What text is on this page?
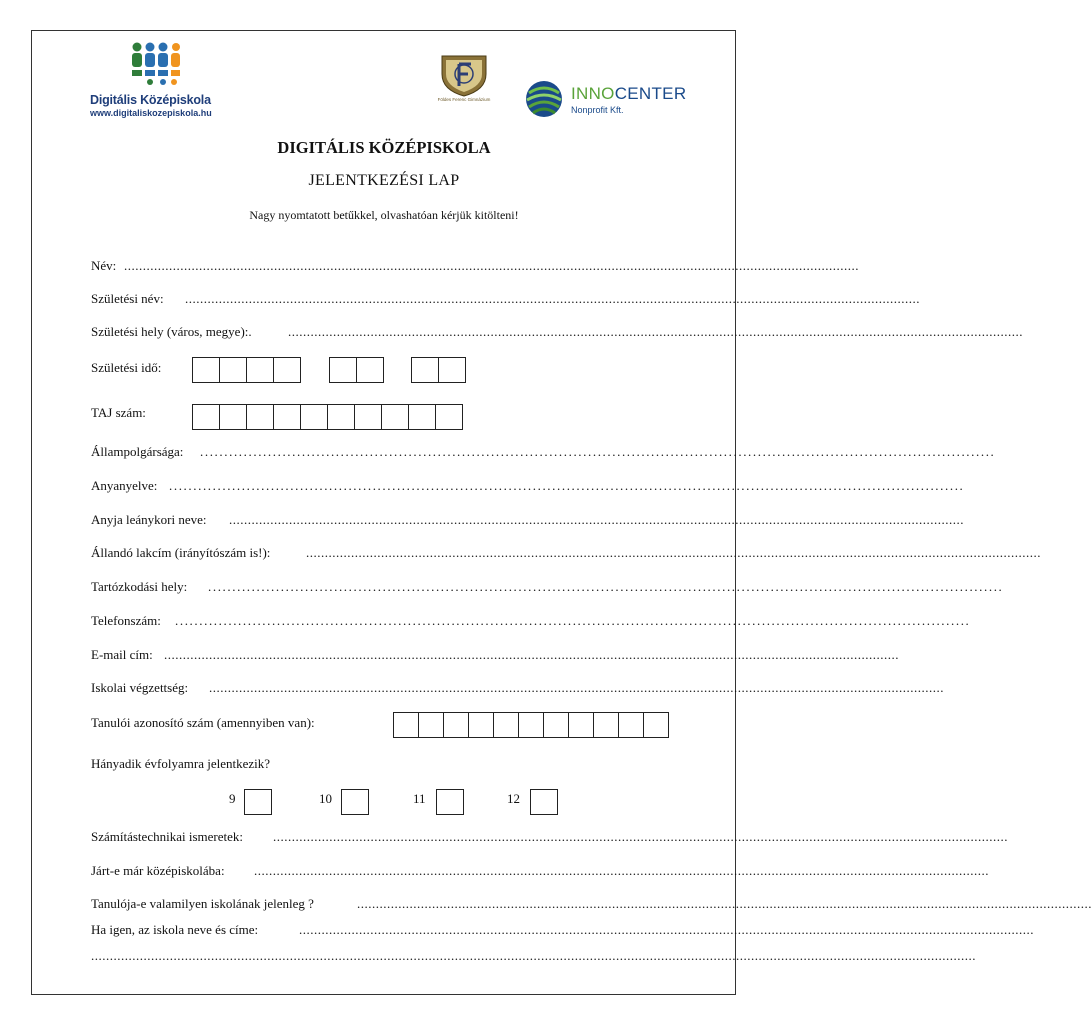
Digitális Középiskola
www.digitaliskozepiskola.hu
Földes Ferenc Gimnázium	INNOCENTER
Nonprofit Kft.
DIGITÁLIS KÖZÉPISKOLA
JELENTKEZÉSI LAP
Nagy nyomtatott betűkkel, olvashatóan kérjük kitölteni!
Név: ....................................................................................................................................................................................................
Születési név: ....................................................................................................................................................................................................
Születési hely (város, megye):.	....................................................................................................................................................................................................
Születési idő:
TAJ szám:
Állampolgársága: ....................................................................................................................................................................
Anyanyelve: ....................................................................................................................................................................
Anyja leánykori neve: ....................................................................................................................................................................................................
Állandó lakcím (irányítószám is!):	....................................................................................................................................................................................................
Tartózkodási hely: ....................................................................................................................................................................
Telefonszám: ....................................................................................................................................................................
E-mail cím: ....................................................................................................................................................................................................
Iskolai végzettség: ....................................................................................................................................................................................................
Tanulói azonosító szám (amennyiben van):
Hányadik évfolyamra jelentkezik?
9	10	11	12
Számítástechnikai ismeretek: ....................................................................................................................................................................................................
Járt-e már középiskolába: ....................................................................................................................................................................................................
Tanulója-e valamilyen iskolának jelenleg ?	....................................................................................................................................................................................................
Ha igen, az iskola neve és címe:	....................................................................................................................................................................................................
............................................................................................................................................................................................................................................
